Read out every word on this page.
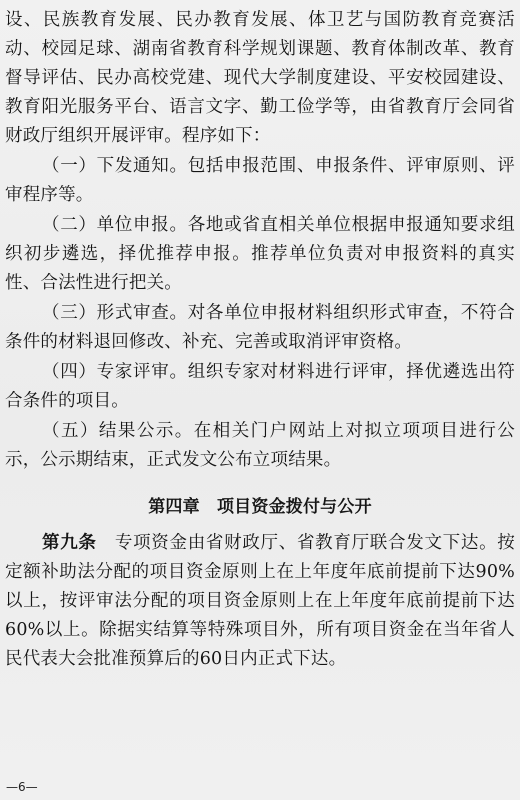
设、民族教育发展、民办教育发展、体卫艺与国防教育竞赛活动、校园足球、湖南省教育科学规划课题、教育体制改革、教育督导评估、民办高校党建、现代大学制度建设、平安校园建设、教育阳光服务平台、语言文字、勤工俭学等，由省教育厅会同省财政厅组织开展评审。程序如下：

（一）下发通知。包括申报范围、申报条件、评审原则、评审程序等。

（二）单位申报。各地或省直相关单位根据申报通知要求组织初步遴选，择优推荐申报。推荐单位负责对申报资料的真实性、合法性进行把关。

（三）形式审查。对各单位申报材料组织形式审查，不符合条件的材料退回修改、补充、完善或取消评审资格。

（四）专家评审。组织专家对材料进行评审，择优遴选出符合条件的项目。

（五）结果公示。在相关门户网站上对拟立项项目进行公示，公示期结束，正式发文公布立项结果。

第四章　项目资金拨付与公开

第九条　专项资金由省财政厅、省教育厅联合发文下达。按定额补助法分配的项目资金原则上在上年度年底前提前下达90%以上，按评审法分配的项目资金原则上在上年度年底前提前下达 60%以上。除据实结算等特殊项目外，所有项目资金在当年省人民代表大会批准预算后的60日内正式下达。

—6—
